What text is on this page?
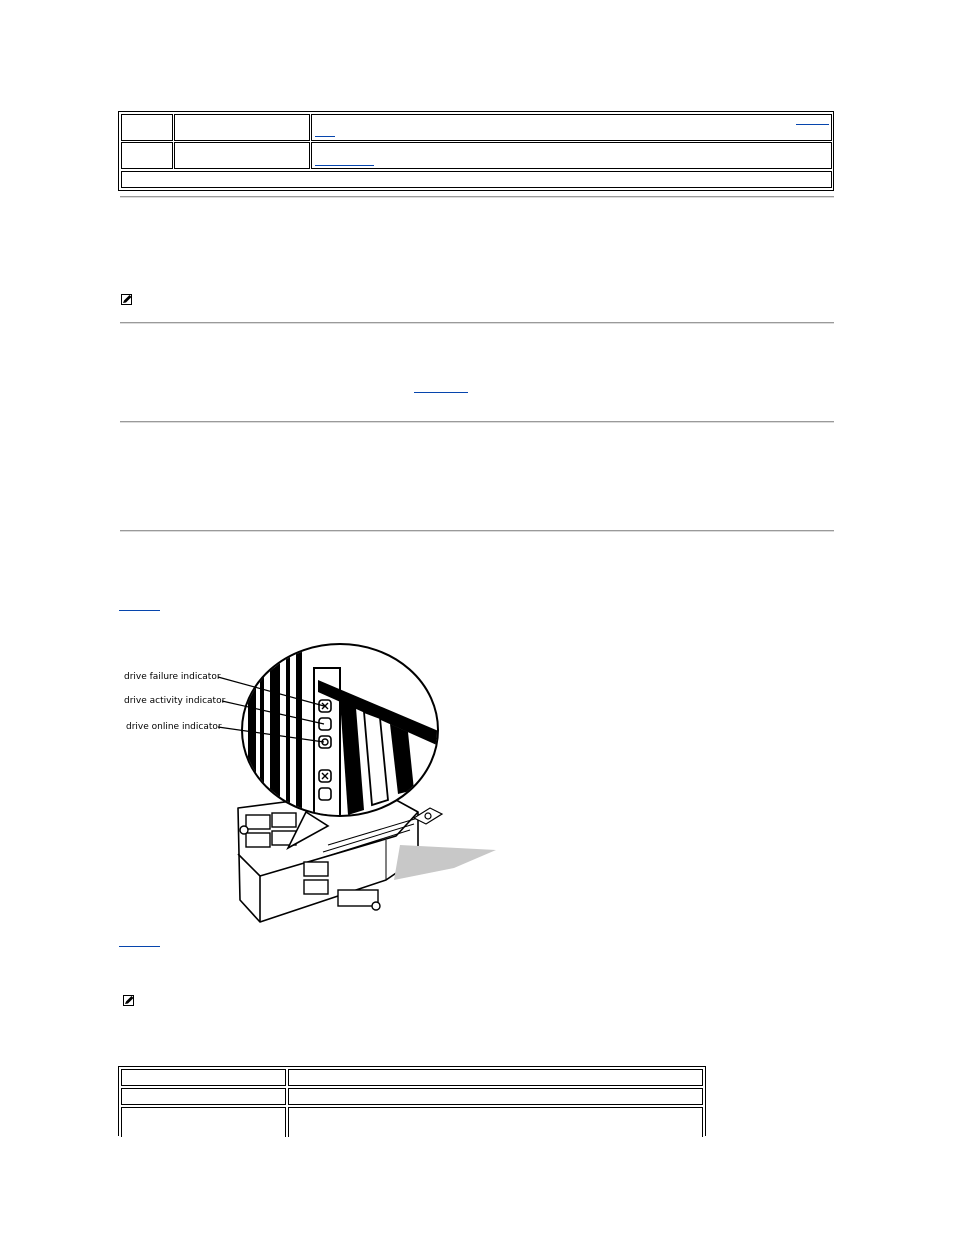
drive failure indicator
drive activity indicator
drive online indicator
